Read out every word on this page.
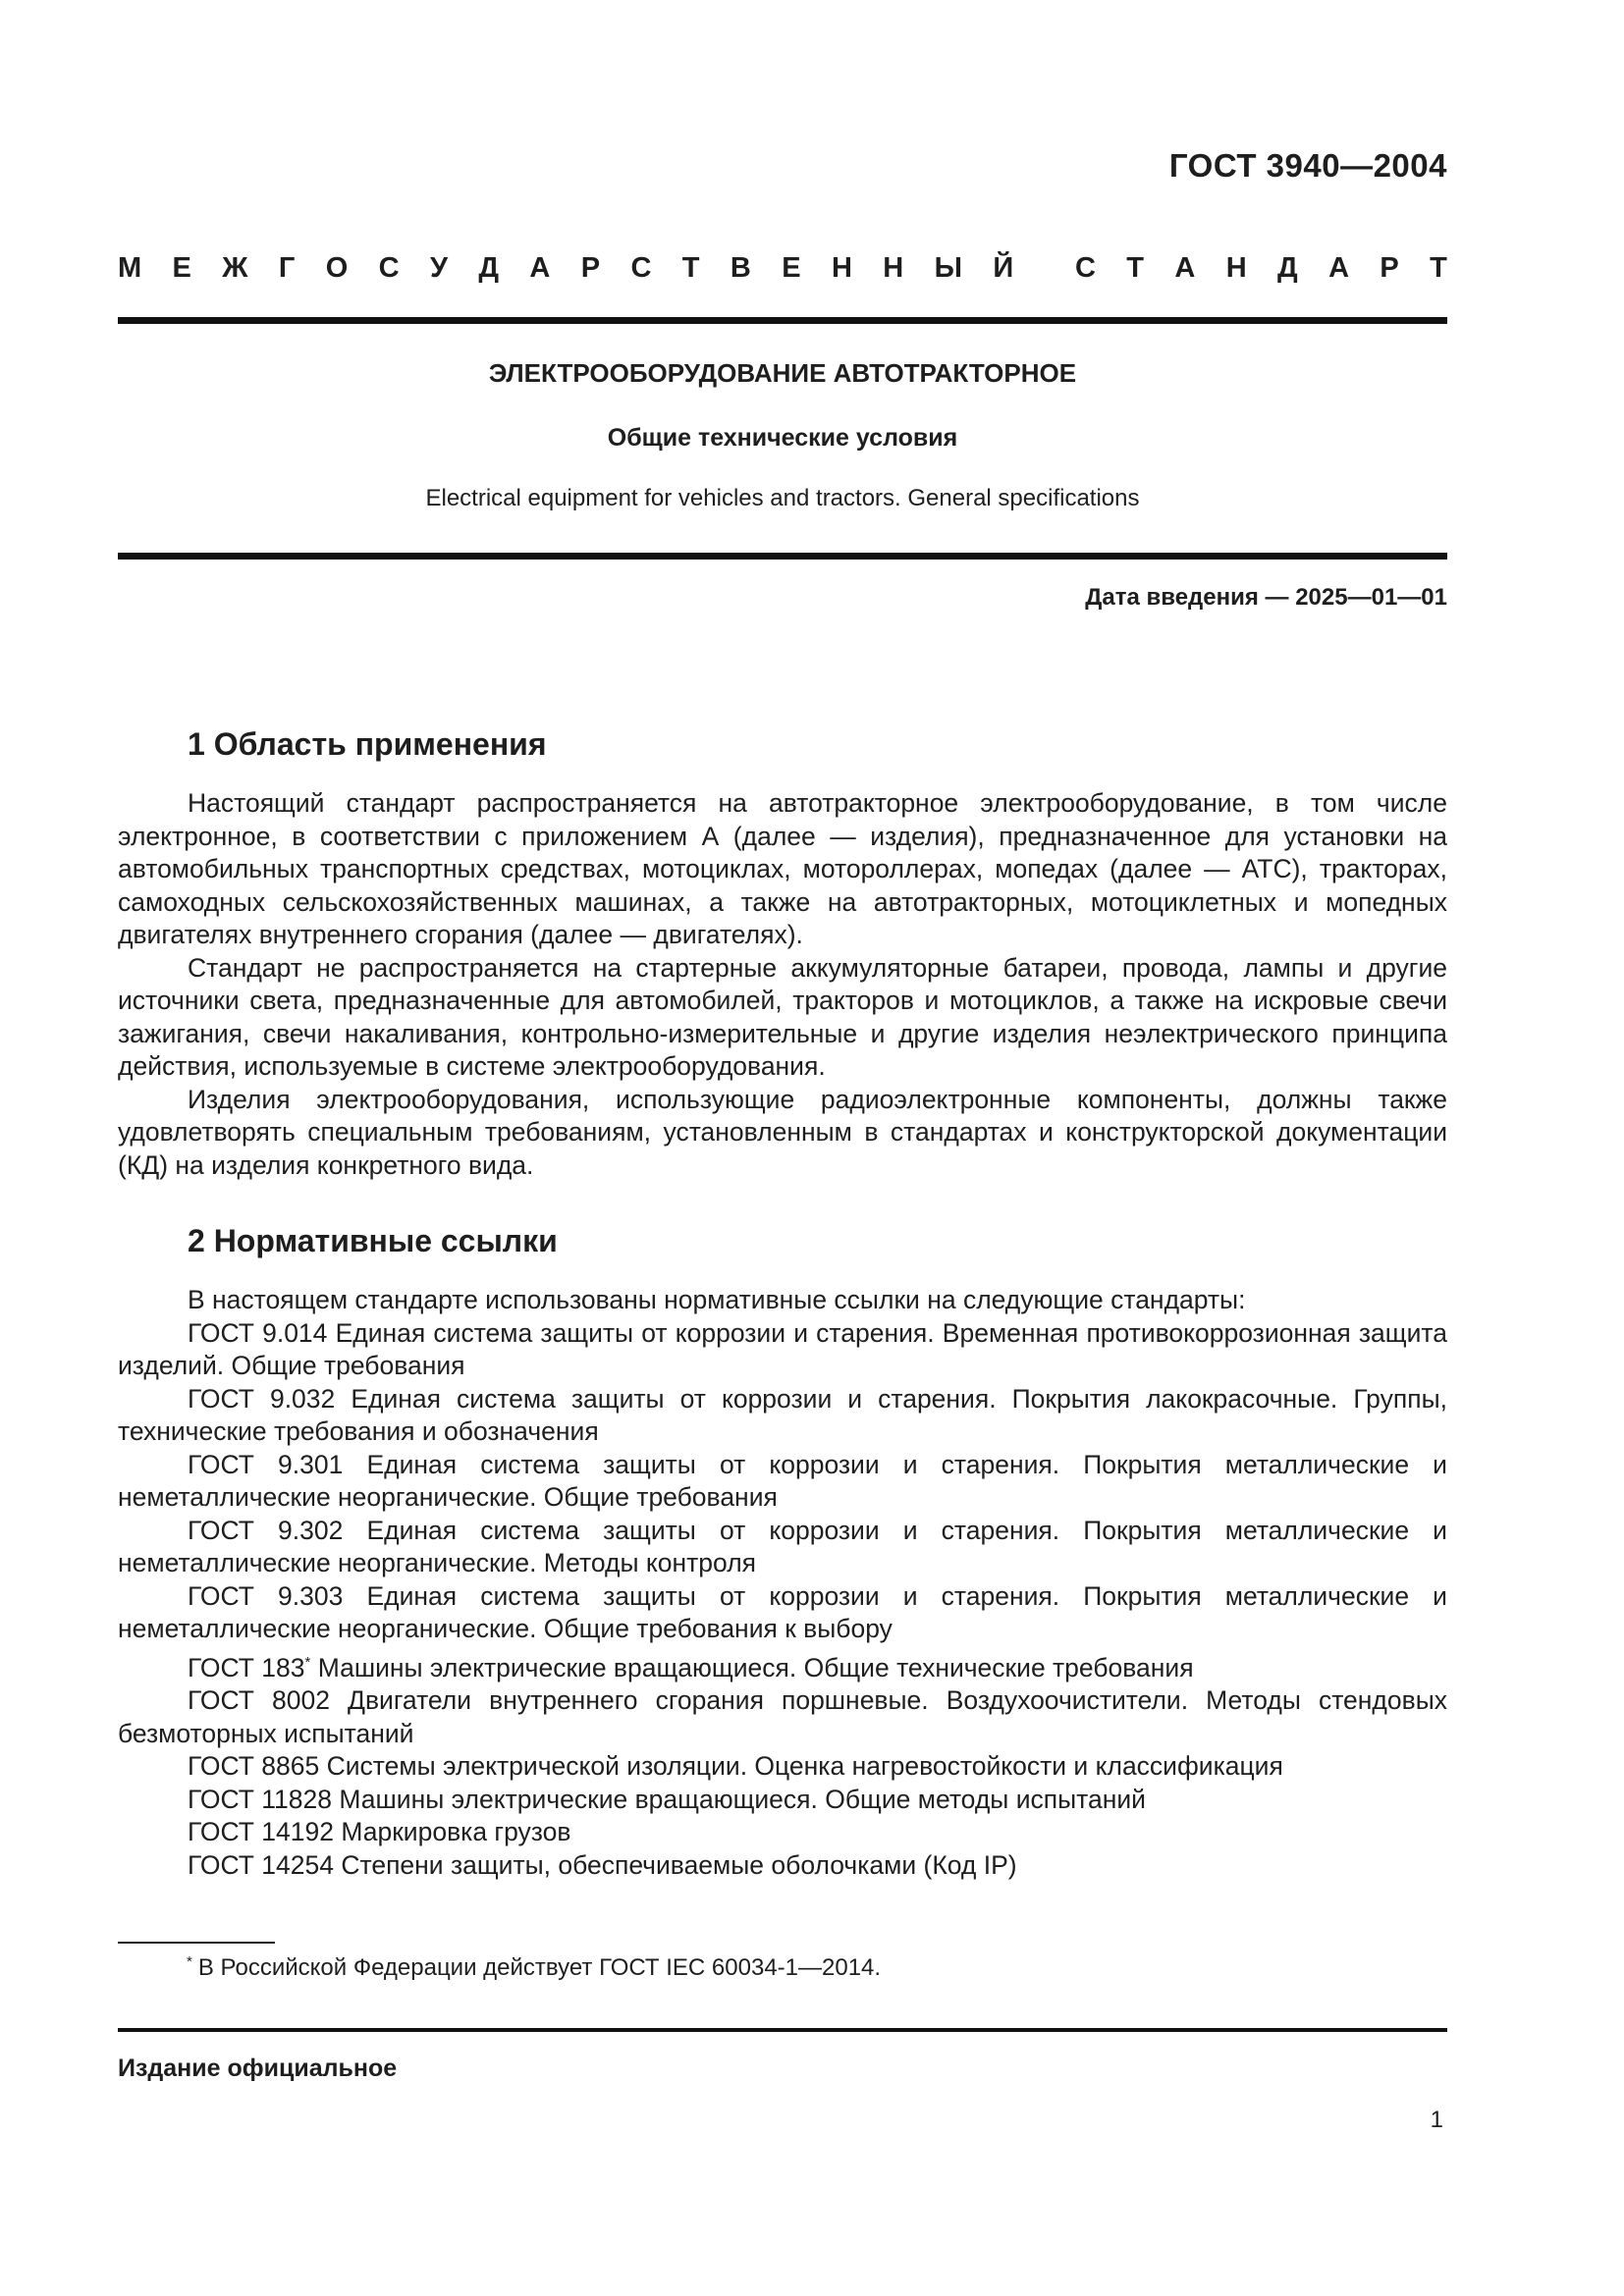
ГОСТ 3940—2004
М Е Ж Г О С У Д А Р С Т В Е Н Н Ы Й С Т А Н Д А Р Т
ЭЛЕКТРООБОРУДОВАНИЕ АВТОТРАКТОРНОЕ
Общие технические условия
Electrical equipment for vehicles and tractors. General specifications
Дата введения — 2025—01—01
1 Область применения

Настоящий стандарт распространяется на автотракторное электрооборудование, в том числе электронное, в соответствии с приложением А (далее — изделия), предназначенное для установки на автомобильных транспортных средствах, мотоциклах, мотороллерах, мопедах (далее — АТС), тракторах, самоходных сельскохозяйственных машинах, а также на автотракторных, мотоциклетных и мопедных двигателях внутреннего сгорания (далее — двигателях).

Стандарт не распространяется на стартерные аккумуляторные батареи, провода, лампы и другие источники света, предназначенные для автомобилей, тракторов и мотоциклов, а также на искровые свечи зажигания, свечи накаливания, контрольно-измерительные и другие изделия неэлектрического принципа действия, используемые в системе электрооборудования.

Изделия электрооборудования, использующие радиоэлектронные компоненты, должны также удовлетворять специальным требованиям, установленным в стандартах и конструкторской документации (КД) на изделия конкретного вида.

2 Нормативные ссылки

В настоящем стандарте использованы нормативные ссылки на следующие стандарты:

ГОСТ 9.014 Единая система защиты от коррозии и старения. Временная противокоррозионная защита изделий. Общие требования

ГОСТ 9.032 Единая система защиты от коррозии и старения. Покрытия лакокрасочные. Группы, технические требования и обозначения

ГОСТ 9.301 Единая система защиты от коррозии и старения. Покрытия металлические и неметаллические неорганические. Общие требования

ГОСТ 9.302 Единая система защиты от коррозии и старения. Покрытия металлические и неметаллические неорганические. Методы контроля

ГОСТ 9.303 Единая система защиты от коррозии и старения. Покрытия металлические и неметаллические неорганические. Общие требования к выбору

ГОСТ 183* Машины электрические вращающиеся. Общие технические требования

ГОСТ 8002 Двигатели внутреннего сгорания поршневые. Воздухоочистители. Методы стендовых безмоторных испытаний

ГОСТ 8865 Системы электрической изоляции. Оценка нагревостойкости и классификация

ГОСТ 11828 Машины электрические вращающиеся. Общие методы испытаний

ГОСТ 14192 Маркировка грузов

ГОСТ 14254 Степени защиты, обеспечиваемые оболочками (Код IP)

* В Российской Федерации действует ГОСТ IEC 60034-1—2014.
Издание официальное
1
